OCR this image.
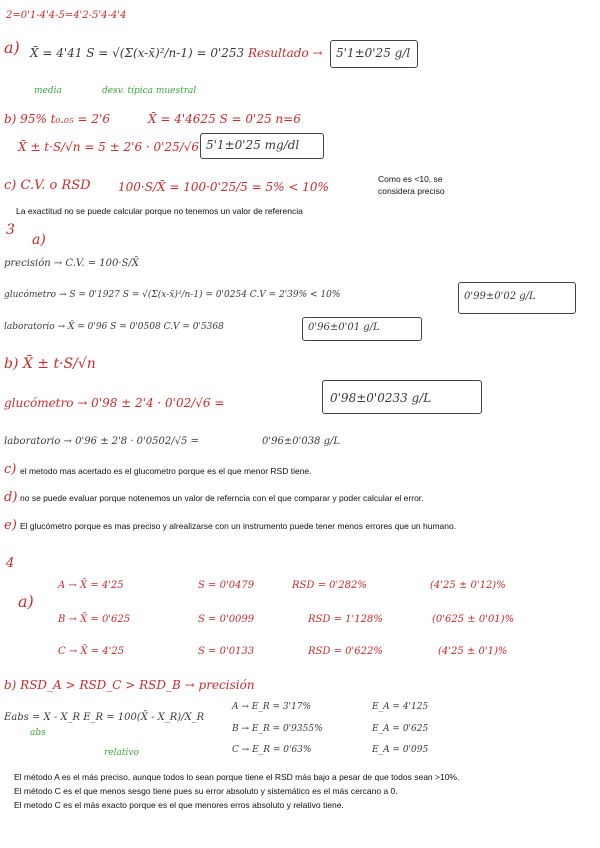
2=0'1-4'4-5=4'2-5'4-4'4
a) X̄ = 4'41 S = √(Σ(x-x̄)²/n-1) = 0'253 Resultado → 5'1±0'25 g/l
media	desv. típica muestral
b) 95% t₀.₀₅ = 2'6	X̄ = 4'4625 S = 0'25 n=6
X̄ ± t·S/√n = 5 ± 2'6 · 0'25/√6 5'1±0'25 mg/dl
c) C.V. o RSD 100·S/X̄ = 100·0'25/5 = 5% < 10%
Como es <10, se considera preciso
La exactitud no se puede calcular porque no tenemos un valor de referencia
3
a)
precisión → C.V. = 100·S/X̄
glucómetro → S = 0'1927 S = √(Σ(x-x̄)²/n-1) = 0'0254 C.V = 2'39% < 10%	0'99±0'02 g/L
laboratorio → X̄ = 0'96 S = 0'0508 C.V = 0'5368	0'96±0'01 g/L
b) X̄ ± t·S/√n
glucómetro → 0'98 ± 2'4 · 0'02/√6 =	0'98±0'0233 g/L
laboratorio → 0'96 ± 2'8 · 0'0502/√5 =	0'96±0'038 g/L
c) el metodo mas acertado es el glucometro porque es el que menor RSD tiene.
d) no se puede evaluar porque notenemos un valor de referncia con el que comparar y poder calcular el error.
e) El glucómetro porque es mas preciso y alrealizarse con un instrumento puede tener menos errores que un humano.
4
a)
A → X̄ = 4'25	S = 0'0479	RSD = 0'282%	(4'25 ± 0'12)%
B → X̄ = 0'625	S = 0'0099	RSD = 1'128%	(0'625 ± 0'01)%
C → X̄ = 4'25	S = 0'0133	RSD = 0'622%	(4'25 ± 0'1)%
b) RSD_A > RSD_C > RSD_B → precisión
Eabs = X - X_R E_R = 100(X̄ - X_R)/X_R
abs
relativo
A → E_R = 3'17%	E_A = 4'125
B → E_R = 0'9355%	E_A = 0'625
C → E_R = 0'63%	E_A = 0'095
El método A es el más preciso, aunque todos lo sean porque tiene el RSD más bajo a pesar de que todos sean >10%.
El método C es el que menos sesgo tiene pues su error absoluto y sistemático es el más cercano a 0.
El metodo C es el más exacto porque es el que menores erros absoluto y relativo tiene.
